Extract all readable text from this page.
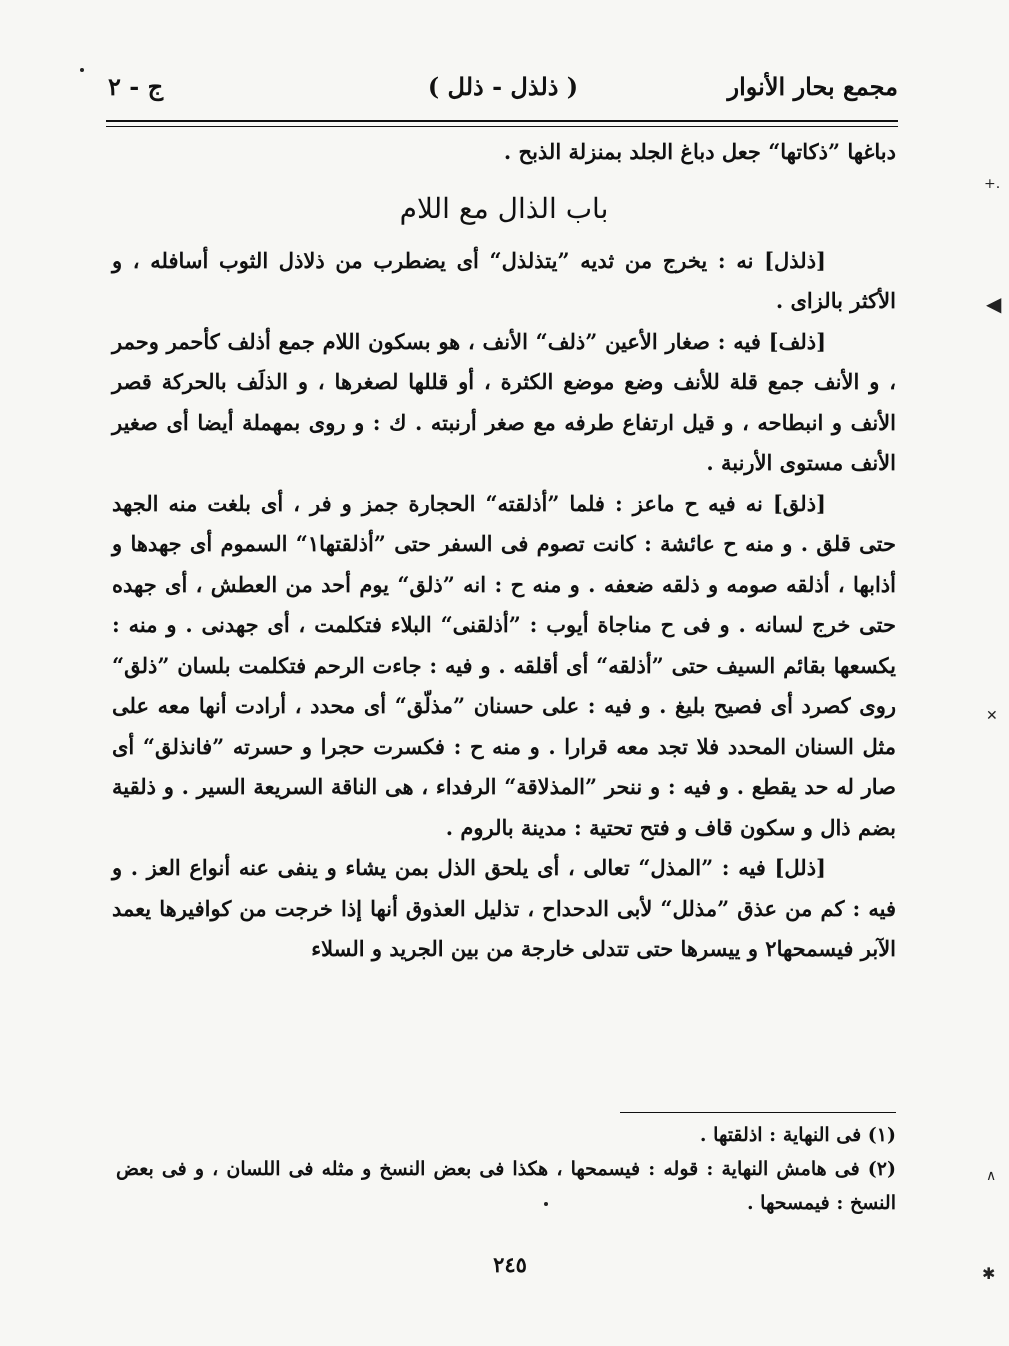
مجمع بحار الأنوار
( ذلذل - ذلل )
ج - ٢

دباغها ”ذكاتها“ جعل دباغ الجلد بمنزلة الذبح .

باب الذال مع اللام

[ذلذل] نه : يخرج من ثديه ”يتذلذل“ أى يضطرب من ذلاذل الثوب أسافله ، و الأكثر بالزاى .

[ذلف] فيه : صغار الأعين ”ذلف“ الأنف ، هو بسكون اللام جمع أذلف كأحمر وحمر ، و الأنف جمع قلة للأنف وضع موضع الكثرة ، أو قللها لصغرها ، و الذلَف بالحركة قصر الأنف و انبطاحه ، و قيل ارتفاع طرفه مع صغر أرنبته . ك : و روى بمهملة أيضا أى صغير الأنف مستوى الأرنبة .

[ذلق] نه فيه ح ماعز : فلما ”أذلقته“ الحجارة جمز و فر ، أى بلغت منه الجهد حتى قلق . و منه ح عائشة : كانت تصوم فى السفر حتى ”أذلقتها١“ السموم أى جهدها و أذابها ، أذلقه صومه و ذلقه ضعفه . و منه ح : انه ”ذلق“ يوم أحد من العطش ، أى جهده حتى خرج لسانه . و فى ح مناجاة أيوب : ”أذلقنى“ البلاء فتكلمت ، أى جهدنى . و منه : يكسعها بقائم السيف حتى ”أذلقه“ أى أقلقه . و فيه : جاءت الرحم فتكلمت بلسان ”ذلق“ روى كصرد أى فصيح بليغ . و فيه : على حسنان ”مذلّق“ أى محدد ، أرادت أنها معه على مثل السنان المحدد فلا تجد معه قرارا . و منه ح : فكسرت حجرا و حسرته ”فانذلق“ أى صار له حد يقطع . و فيه : و ننحر ”المذلاقة“ الرفداء ، هى الناقة السريعة السير . و ذلقية بضم ذال و سكون قاف و فتح تحتية : مدينة بالروم .

[ذلل] فيه : ”المذل“ تعالى ، أى يلحق الذل بمن يشاء و ينفى عنه أنواع العز . و فيه : كم من عذق ”مذلل“ لأبى الدحداح ، تذليل العذوق أنها إذا خرجت من كوافيرها يعمد الآبر فيسمحها٢ و ييسرها حتى تتدلى خارجة من بين الجريد و السلاء

(١) فى النهاية : اذلقتها .

(٢) فى هامش النهاية : قوله : فيسمحها ، هكذا فى بعض النسخ و مثله فى اللسان ، و فى بعض النسخ : فيمسحها .

٢٤٥
+.
◀
✕
∧
✱
